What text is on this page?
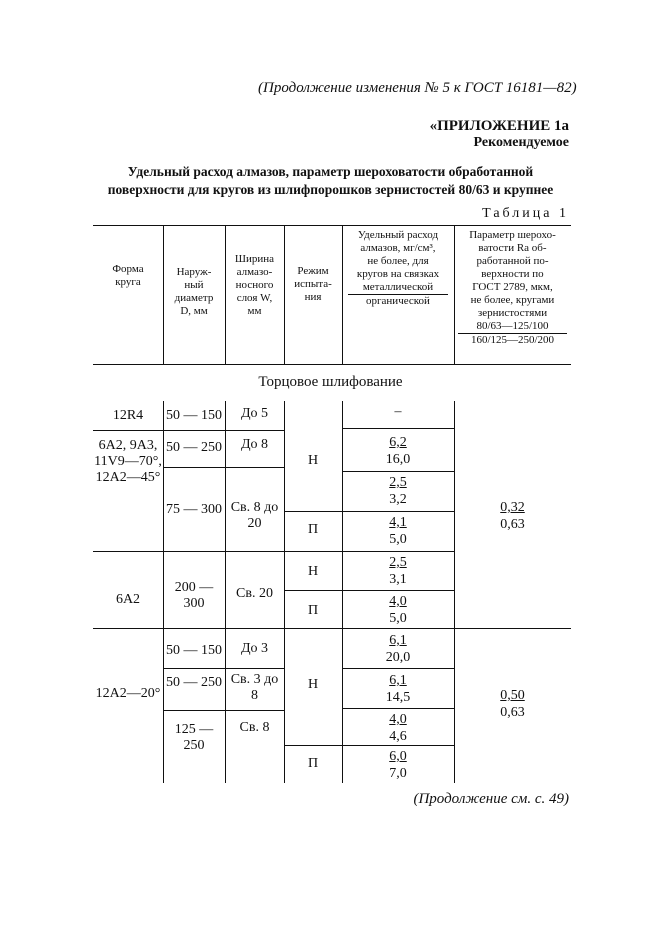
(Продолжение изменения № 5 к ГОСТ 16181—82)
«ПРИЛОЖЕНИЕ 1а
Рекомендуемое
Удельный расход алмазов, параметр шероховатости обработанной
поверхности для кругов из шлифпорошков зернистостей 80/63 и крупнее
Таблица 1
Форма
круга
Наруж-
ный
диаметр
D, мм
Ширина
алмазо-
носного
слоя W,
мм
Режим
испыта-
ния
Удельный расход
алмазов, мг/см³,
не более, для
кругов на связках
металлической
органической
Параметр шерохо-
ватости Ra об-
работанной по-
верхности по
ГОСТ 2789, мкм,
не более, кругами
зернистостями
80/63—125/100
160/125—250/200
Торцовое шлифование
12R4
6А2, 9А3,
11V9—70°,
12А2—45°
6А2
12А2—20°
50 — 150
50 — 250
75 — 300
200 —
300
50 — 150
50 — 250
125 —
250
До 5
До 8
Св. 8 до
20
Св. 20
До 3
Св. 3 до
8
Св. 8
Н
П
Н
П
Н
П
–
$\frac{6,2}{16,0}$
$\frac{2,5}{3,2}$
$\frac{4,1}{5,0}$
$\frac{2,5}{3,1}$
$\frac{4,0}{5,0}$
$\frac{6,1}{20,0}$
$\frac{6,1}{14,5}$
$\frac{4,0}{4,6}$
$\frac{6,0}{7,0}$
$\frac{0,32}{0,63}$
$\frac{0,50}{0,63}$
(Продолжение см. с. 49)
